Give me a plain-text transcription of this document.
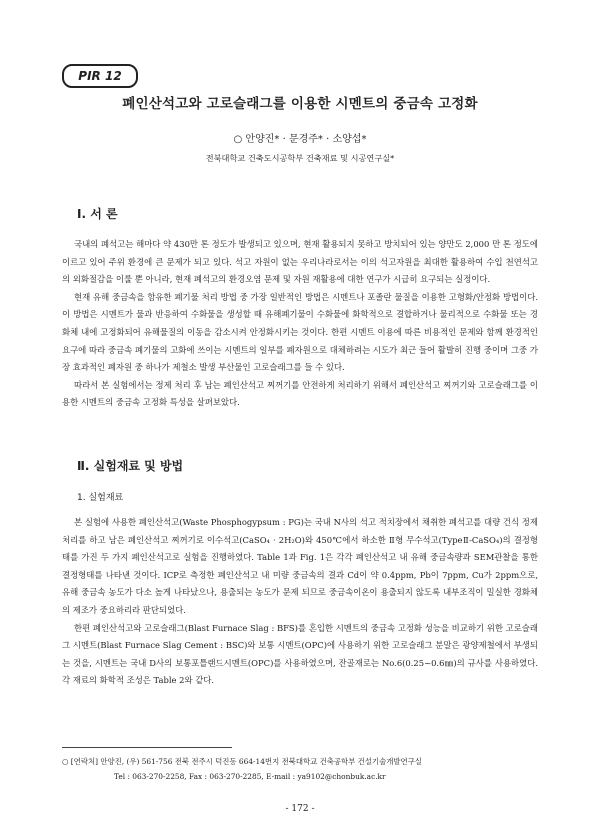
PIR 12
폐인산석고와 고로슬래그를 이용한 시멘트의 중금속 고정화
○ 안양진* · 문경주* · 소양섭*
전북대학교 건축도시공학부 건축재료 및 시공연구실*
Ⅰ. 서 론

국내의 폐석고는 해마다 약 430만 톤 정도가 발생되고 있으며, 현재 활용되지 못하고 방치되어 있는 양만도 2,000 만 톤 정도에 이르고 있어 주위 환경에 큰 문제가 되고 있다. 석고 자원이 없는 우리나라로서는 이의 석고자원을 최대한 활용하여 수입 천연석고의 외화절감을 이룰 뿐 아니라, 현재 폐석고의 환경오염 문제 및 자원 재활용에 대한 연구가 시급히 요구되는 실정이다.

현재 유해 중금속을 함유한 폐기물 처리 방법 중 가장 일반적인 방법은 시멘트나 포졸란 물질을 이용한 고형화/안정화 방법이다. 이 방법은 시멘트가 물과 반응하여 수화물을 생성할 때 유해폐기물이 수화물에 화학적으로 결합하거나 물리적으로 수화물 또는 경화체 내에 고정화되어 유해물질의 이동을 감소시켜 안정화시키는 것이다. 한편 시멘트 이용에 따른 비용적인 문제와 함께 환경적인 요구에 따라 중금속 폐기물의 고화에 쓰이는 시멘트의 일부를 폐자원으로 대체하려는 시도가 최근 들어 활발히 진행 중이며 그중 가장 효과적인 폐자원 중 하나가 제철소 발생 부산물인 고로슬래그를 들 수 있다.

따라서 본 실험에서는 정제 처리 후 남는 폐인산석고 찌꺼기를 안전하게 처리하기 위해서 폐인산석고 찌꺼기와 고로슬래그를 이용한 시멘트의 중금속 고정화 특성을 살펴보았다.

Ⅱ. 실험재료 및 방법
1. 실험재료

본 실험에 사용한 폐인산석고(Waste Phosphogypsum : PG)는 국내 N사의 석고 적치장에서 채취한 폐석고를 대량 건식 정제 처리를 하고 남은 폐인산석고 찌꺼기로 이수석고(CaSO₄ · 2H₂O)와 450℃에서 하소한 Ⅱ형 무수석고(TypeⅡ-CaSO₄)의 결정형태를 가진 두 가지 폐인산석고로 실험을 진행하였다. Table 1과 Fig. 1은 각각 폐인산석고 내 유해 중금속량과 SEM관찰을 통한 결정형태를 나타낸 것이다. ICP로 측정한 폐인산석고 내 미량 중금속의 결과 Cd이 약 0.4ppm, Pb이 7ppm, Cu가 2ppm으로, 유해 중금속 농도가 다소 높게 나타났으나, 용출되는 농도가 문제 되므로 중금속이온이 용출되지 않도록 내부조직이 밀실한 경화체의 제조가 중요하리라 판단되었다.

한편 폐인산석고와 고로슬래그(Blast Furnace Slag : BFS)를 혼입한 시멘트의 중금속 고정화 성능을 비교하기 위한 고로슬래그 시멘트(Blast Furnace Slag Cement : BSC)와 보통 시멘트(OPC)에 사용하기 위한 고로슬래그 분말은 광양제철에서 부생되는 것을, 시멘트는 국내 D사의 보통포틀랜드시멘트(OPC)를 사용하였으며, 잔골재로는 No.6(0.25~0.6㎜)의 규사를 사용하였다. 각 재료의 화학적 조성은 Table 2와 같다.

○ [연락처] 안양진, (우) 561-756 전북 전주시 덕진동 664-14번지 전북대학교 건축공학부 건설기술개발연구실
Tel : 063-270-2258, Fax : 063-270-2285, E-mail : ya9102@chonbuk.ac.kr
- 172 -
